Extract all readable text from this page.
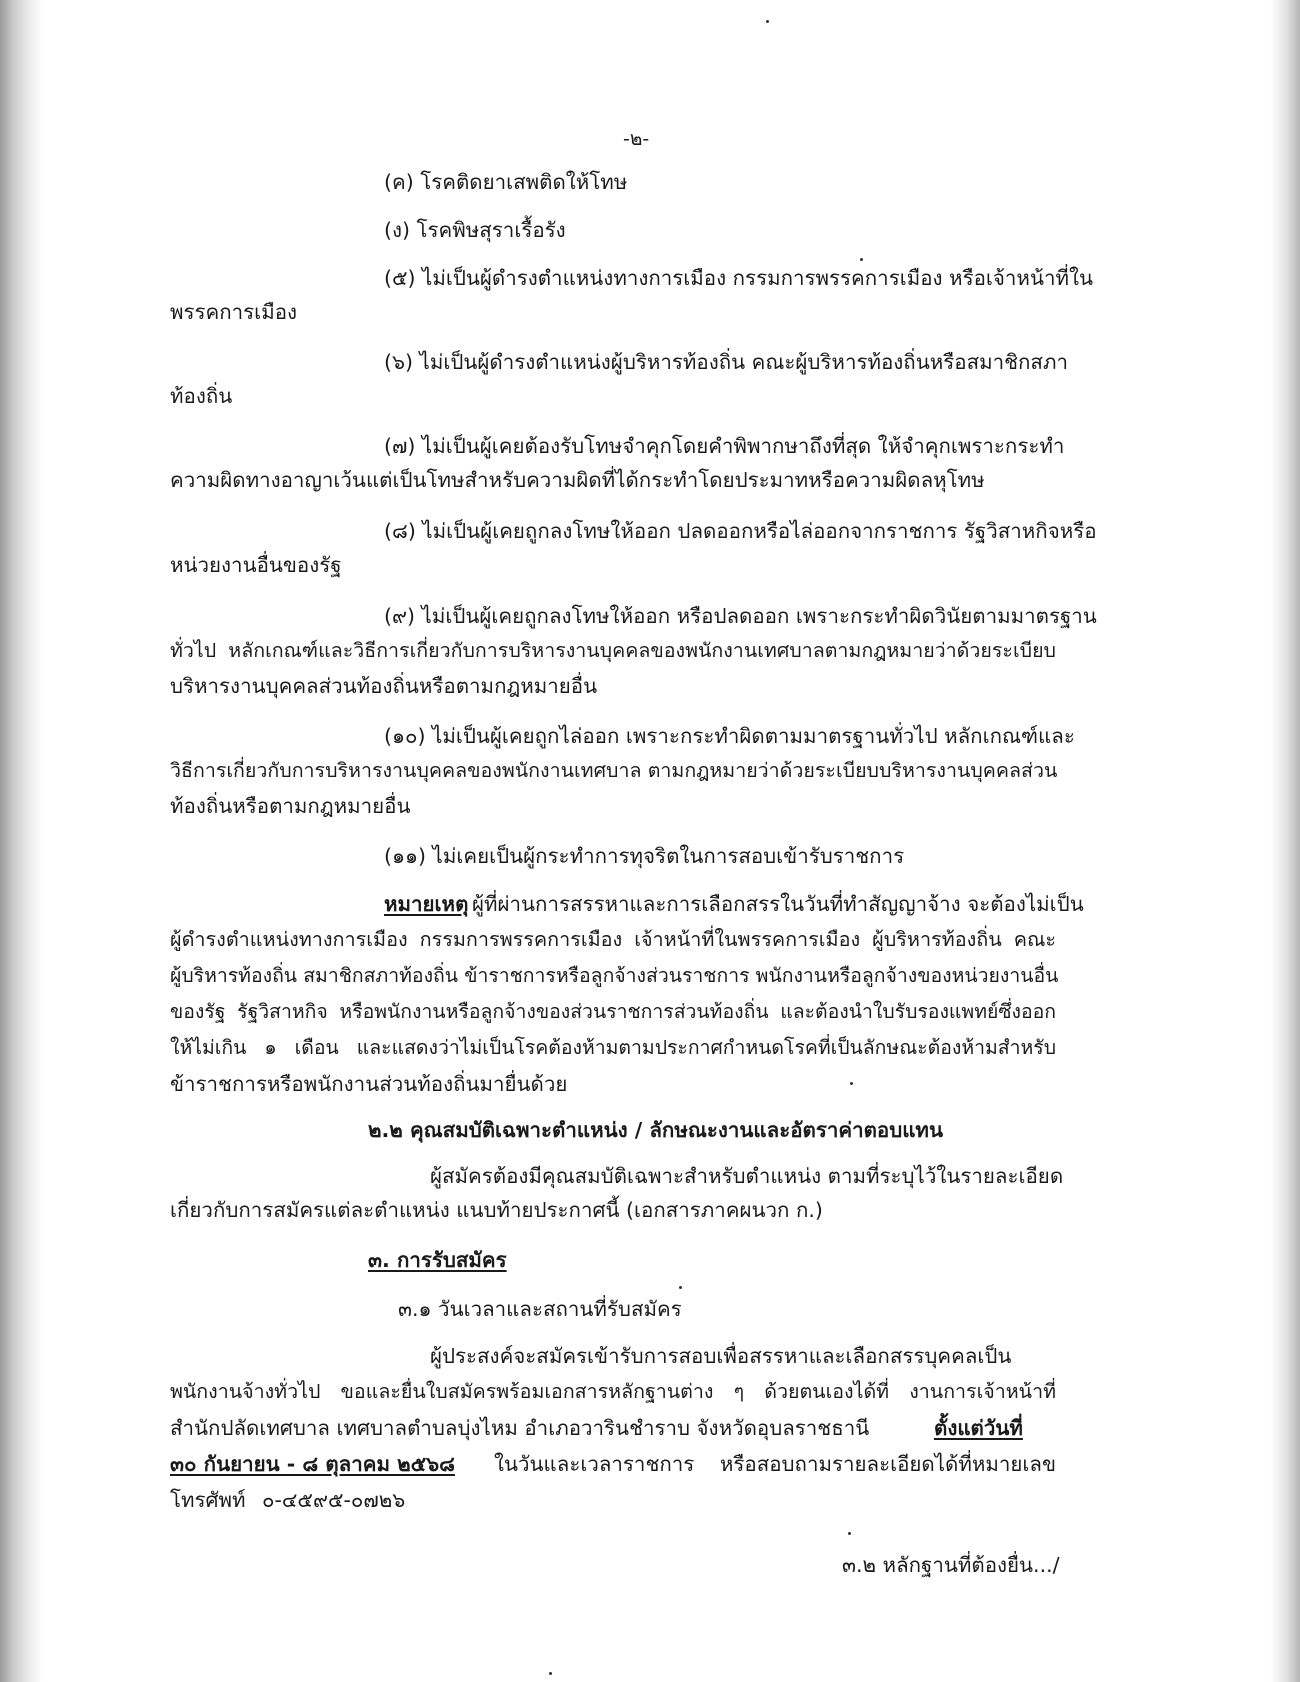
-๒-
(ค) โรคติดยาเสพติดให้โทษ
(ง) โรคพิษสุราเรื้อรัง
(๕) ไม่เป็นผู้ดำรงตำแหน่งทางการเมือง กรรมการพรรคการเมือง หรือเจ้าหน้าที่ใน
พรรคการเมือง
(๖) ไม่เป็นผู้ดำรงตำแหน่งผู้บริหารท้องถิ่น คณะผู้บริหารท้องถิ่นหรือสมาชิกสภา
ท้องถิ่น
(๗) ไม่เป็นผู้เคยต้องรับโทษจำคุกโดยคำพิพากษาถึงที่สุด ให้จำคุกเพราะกระทำ
ความผิดทางอาญาเว้นแต่เป็นโทษสำหรับความผิดที่ได้กระทำโดยประมาทหรือความผิดลหุโทษ
(๘) ไม่เป็นผู้เคยถูกลงโทษให้ออก ปลดออกหรือไล่ออกจากราชการ รัฐวิสาหกิจหรือ
หน่วยงานอื่นของรัฐ
(๙) ไม่เป็นผู้เคยถูกลงโทษให้ออก หรือปลดออก เพราะกระทำผิดวินัยตามมาตรฐาน
ทั่วไป หลักเกณฑ์และวิธีการเกี่ยวกับการบริหารงานบุคคลของพนักงานเทศบาลตามกฎหมายว่าด้วยระเบียบ
บริหารงานบุคคลส่วนท้องถิ่นหรือตามกฎหมายอื่น
(๑๐) ไม่เป็นผู้เคยถูกไล่ออก เพราะกระทำผิดตามมาตรฐานทั่วไป หลักเกณฑ์และ
วิธีการเกี่ยวกับการบริหารงานบุคคลของพนักงานเทศบาล ตามกฎหมายว่าด้วยระเบียบบริหารงานบุคคลส่วน
ท้องถิ่นหรือตามกฎหมายอื่น
(๑๑) ไม่เคยเป็นผู้กระทำการทุจริตในการสอบเข้ารับราชการ
หมายเหตุ ผู้ที่ผ่านการสรรหาและการเลือกสรรในวันที่ทำสัญญาจ้าง จะต้องไม่เป็น
ผู้ดำรงตำแหน่งทางการเมือง กรรมการพรรคการเมือง เจ้าหน้าที่ในพรรคการเมือง ผู้บริหารท้องถิ่น คณะ
ผู้บริหารท้องถิ่น สมาชิกสภาท้องถิ่น ข้าราชการหรือลูกจ้างส่วนราชการ พนักงานหรือลูกจ้างของหน่วยงานอื่น
ของรัฐ รัฐวิสาหกิจ หรือพนักงานหรือลูกจ้างของส่วนราชการส่วนท้องถิ่น และต้องนำใบรับรองแพทย์ซึ่งออก
ให้ไม่เกิน ๑ เดือน และแสดงว่าไม่เป็นโรคต้องห้ามตามประกาศกำหนดโรคที่เป็นลักษณะต้องห้ามสำหรับ
ข้าราชการหรือพนักงานส่วนท้องถิ่นมายื่นด้วย
๒.๒ คุณสมบัติเฉพาะตำแหน่ง / ลักษณะงานและอัตราค่าตอบแทน
ผู้สมัครต้องมีคุณสมบัติเฉพาะสำหรับตำแหน่ง ตามที่ระบุไว้ในรายละเอียด
เกี่ยวกับการสมัครแต่ละตำแหน่ง แนบท้ายประกาศนี้ (เอกสารภาคผนวก ก.)
๓. การรับสมัคร
๓.๑ วันเวลาและสถานที่รับสมัคร
ผู้ประสงค์จะสมัครเข้ารับการสอบเพื่อสรรหาและเลือกสรรบุคคลเป็น
พนักงานจ้างทั่วไป ขอและยื่นใบสมัครพร้อมเอกสารหลักฐานต่าง ๆ ด้วยตนเองได้ที่ งานการเจ้าหน้าที่
สำนักปลัดเทศบาล เทศบาลตำบลบุ่งไหม อำเภอวารินชำราบ จังหวัดอุบลราชธานี	ตั้งแต่วันที่
๓๐ กันยายน - ๘ ตุลาคม ๒๕๖๘ ในวันและเวลาราชการ หรือสอบถามรายละเอียดได้ที่หมายเลข
โทรศัพท์ ๐-๔๕๙๕-๐๗๒๖
๓.๒ หลักฐานที่ต้องยื่น.../
